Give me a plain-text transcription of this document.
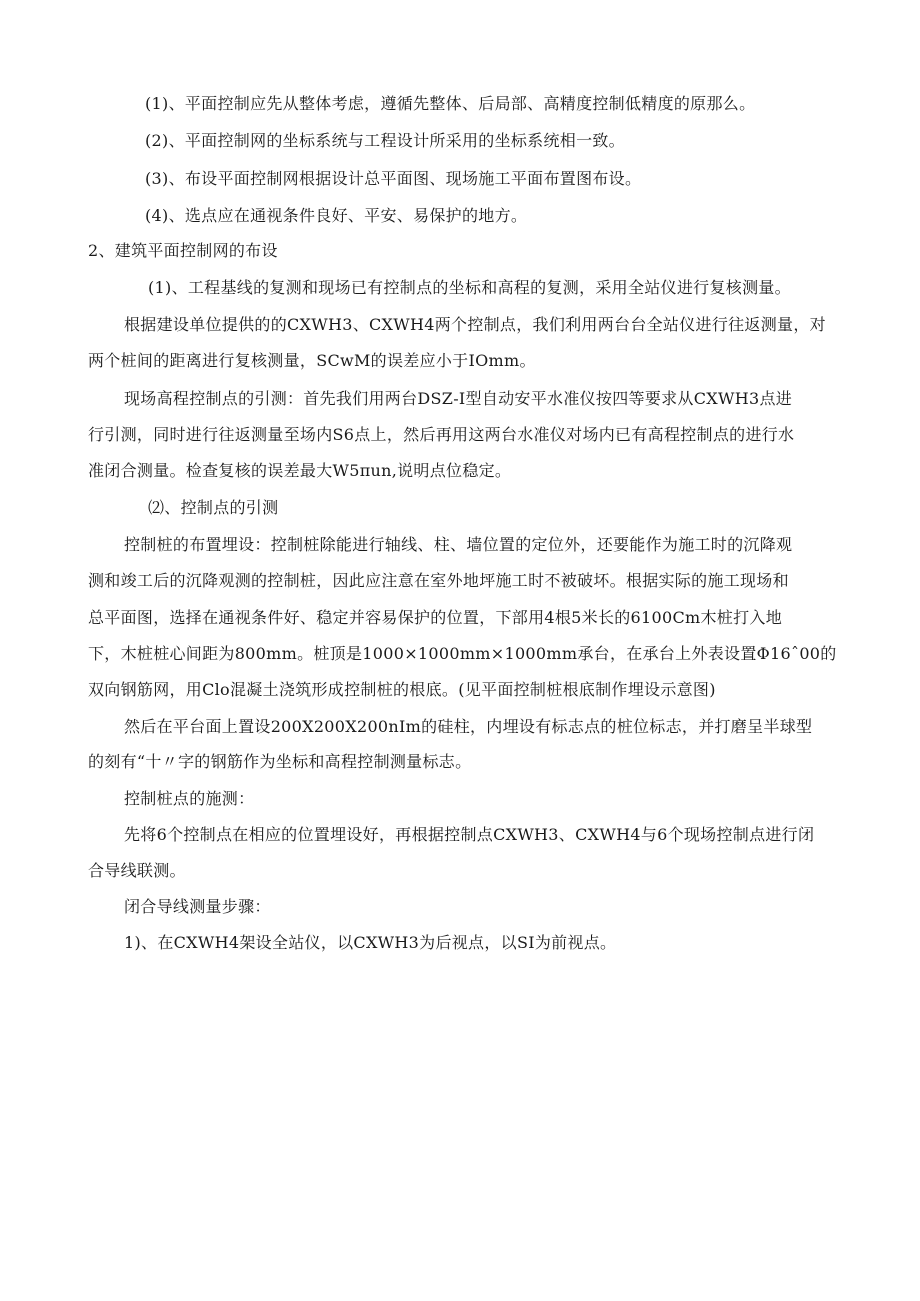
(1)、平面控制应先从整体考虑，遵循先整体、后局部、高精度控制低精度的原那么。
(2)、平面控制网的坐标系统与工程设计所采用的坐标系统相一致。
(3)、布设平面控制网根据设计总平面图、现场施工平面布置图布设。
(4)、选点应在通视条件良好、平安、易保护的地方。
2、建筑平面控制网的布设
(1)、工程基线的复测和现场已有控制点的坐标和高程的复测，采用全站仪进行复核测量。
根据建设单位提供的的CXWH3、CXWH4两个控制点，我们利用两台台全站仪进行往返测量，对
两个桩间的距离进行复核测量，SCwM的误差应小于IOmm。
现场高程控制点的引测：首先我们用两台DSZ-I型自动安平水准仪按四等要求从CXWH3点进
行引测，同时进行往返测量至场内S6点上，然后再用这两台水准仪对场内已有高程控制点的进行水
准闭合测量。检查复核的误差最大W5πun,说明点位稳定。
⑵、控制点的引测
控制桩的布置埋设：控制桩除能进行轴线、柱、墙位置的定位外，还要能作为施工时的沉降观
测和竣工后的沉降观测的控制桩，因此应注意在室外地坪施工时不被破坏。根据实际的施工现场和
总平面图，选择在通视条件好、稳定并容易保护的位置，下部用4根5米长的6100Cm木桩打入地
下，木桩桩心间距为800mm。桩顶是1000×1000mm×1000mm承台，在承台上外表设置Φ16ˆ00的
双向钢筋网，用Clo混凝土浇筑形成控制桩的根底。(见平面控制桩根底制作埋设示意图)
然后在平台面上置设200X200X200nIm的硅柱，内埋设有标志点的桩位标志，并打磨呈半球型
的刻有“十〃字的钢筋作为坐标和高程控制测量标志。
控制桩点的施测：
先将6个控制点在相应的位置埋设好，再根据控制点CXWH3、CXWH4与6个现场控制点进行闭
合导线联测。
闭合导线测量步骤：
1)、在CXWH4架设全站仪，以CXWH3为后视点，以SI为前视点。
